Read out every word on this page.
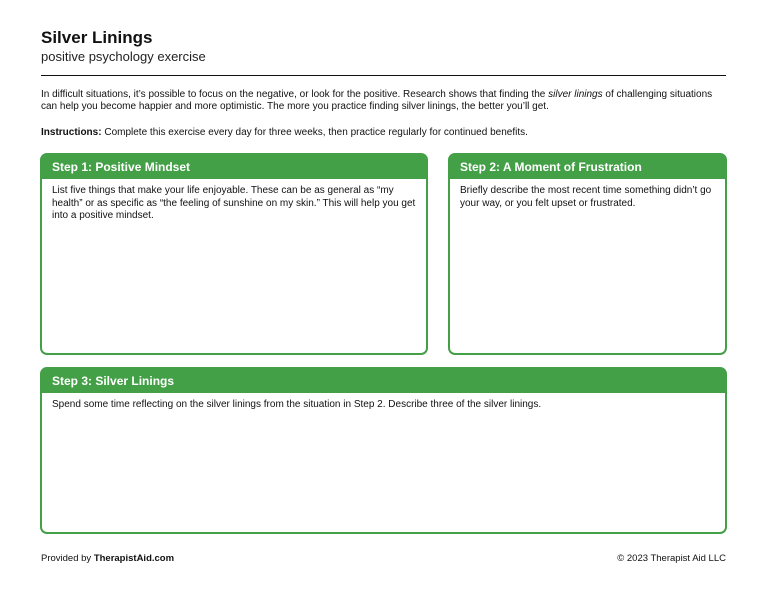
Silver Linings
positive psychology exercise

In difficult situations, it’s possible to focus on the negative, or look for the positive. Research shows that finding the silver linings of challenging situations can help you become happier and more optimistic. The more you practice finding silver linings, the better you’ll get.

Instructions: Complete this exercise every day for three weeks, then practice regularly for continued benefits.

Step 1: Positive Mindset

List five things that make your life enjoyable. These can be as general as “my health” or as specific as “the feeling of sunshine on my skin.” This will help you get into a positive mindset.

Step 2: A Moment of Frustration

Briefly describe the most recent time something didn’t go your way, or you felt upset or frustrated.

Step 3: Silver Linings

Spend some time reflecting on the silver linings from the situation in Step 2. Describe three of the silver linings.

Provided by TherapistAid.com	© 2023 Therapist Aid LLC
